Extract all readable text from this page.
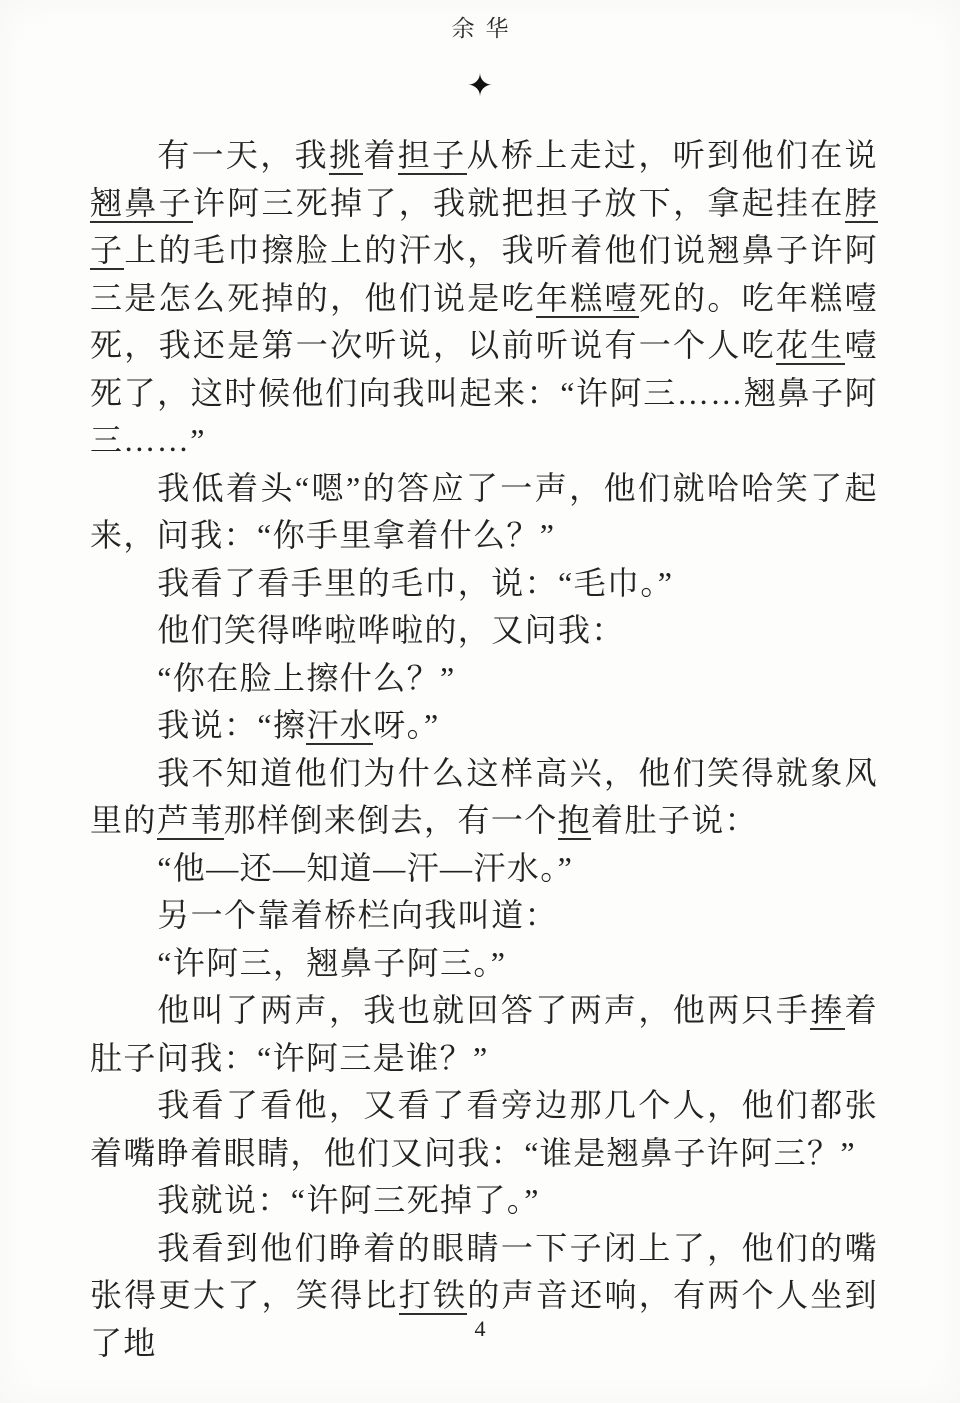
余华
✦

有一天，我挑着担子从桥上走过，听到他们在说翘鼻子许阿三死掉了，我就把担子放下，拿起挂在脖子上的毛巾擦脸上的汗水，我听着他们说翘鼻子许阿三是怎么死掉的，他们说是吃年糕噎死的。吃年糕噎死，我还是第一次听说，以前听说有一个人吃花生噎死了，这时候他们向我叫起来：“许阿三……翘鼻子阿三……”

我低着头“嗯”的答应了一声，他们就哈哈笑了起来，问我：“你手里拿着什么？”

我看了看手里的毛巾，说：“毛巾。”

他们笑得哗啦哗啦的，又问我：

“你在脸上擦什么？”

我说：“擦汗水呀。”

我不知道他们为什么这样高兴，他们笑得就象风里的芦苇那样倒来倒去，有一个抱着肚子说：

“他—还—知道—汗—汗水。”

另一个靠着桥栏向我叫道：

“许阿三，翘鼻子阿三。”

他叫了两声，我也就回答了两声，他两只手捧着肚子问我：“许阿三是谁？”

我看了看他，又看了看旁边那几个人，他们都张着嘴睁着眼睛，他们又问我：“谁是翘鼻子许阿三？”

我就说：“许阿三死掉了。”

我看到他们睁着的眼睛一下子闭上了，他们的嘴张得更大了，笑得比打铁的声音还响，有两个人坐到了地	4
